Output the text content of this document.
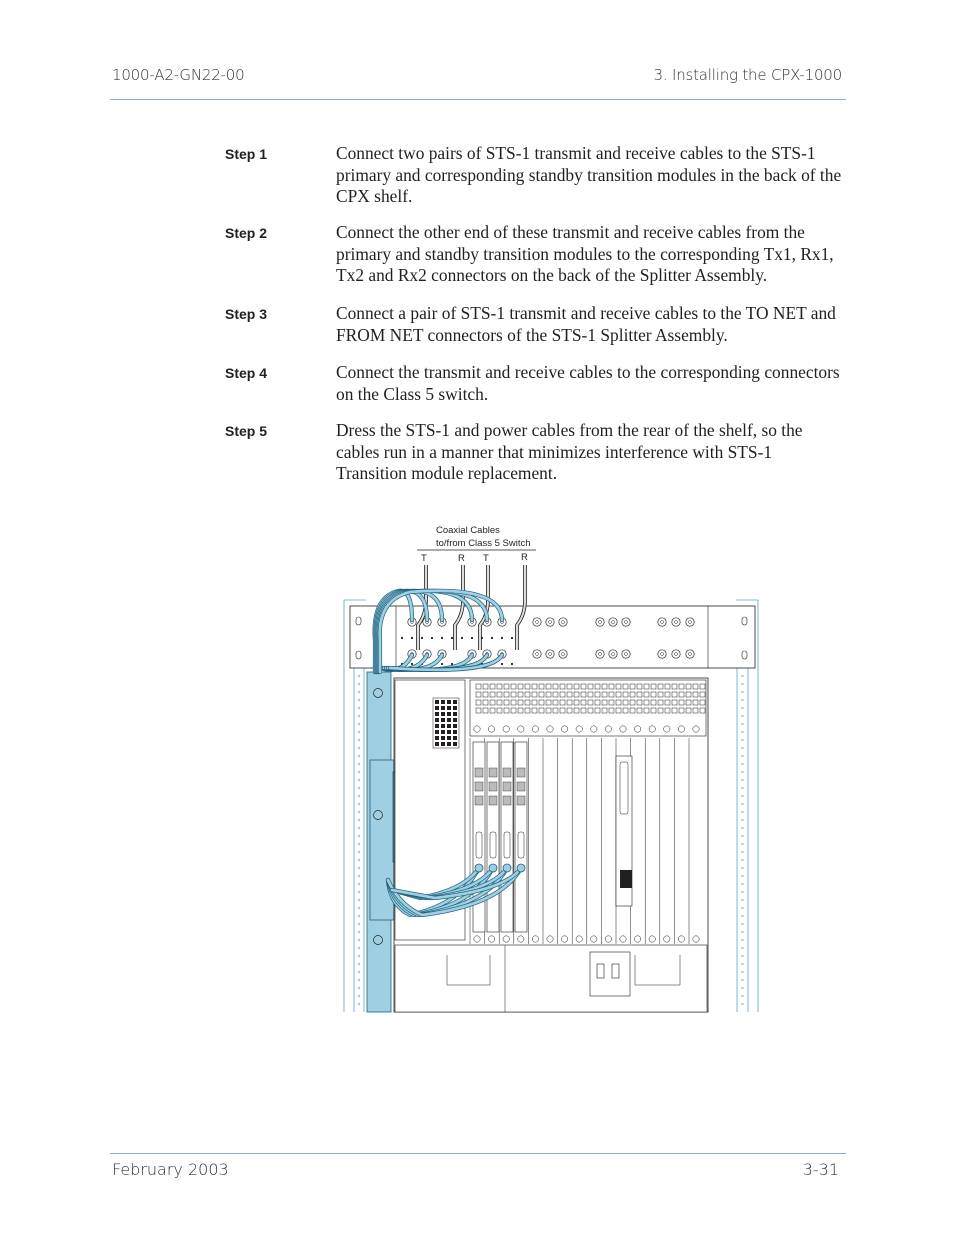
1000-A2-GN22-00	3. Installing the CPX-1000
Step 1	Connect two pairs of STS-1 transmit and receive cables to the STS-1 primary and corresponding standby transition modules in the back of the CPX shelf.
Step 2	Connect the other end of these transmit and receive cables from the primary and standby transition modules to the corresponding Tx1, Rx1, Tx2 and Rx2 connectors on the back of the Splitter Assembly.
Step 3	Connect a pair of STS-1 transmit and receive cables to the TO NET and FROM NET connectors of the STS-1 Splitter Assembly.
Step 4	Connect the transmit and receive cables to the corresponding connectors on the Class 5 switch.
Step 5	Dress the STS-1 and power cables from the rear of the shelf, so the cables run in a manner that minimizes interference with STS-1 Transition module replacement.
Coaxial Cables
to/from Class 5 Switch
T	R T	R
February 2003	3-31
